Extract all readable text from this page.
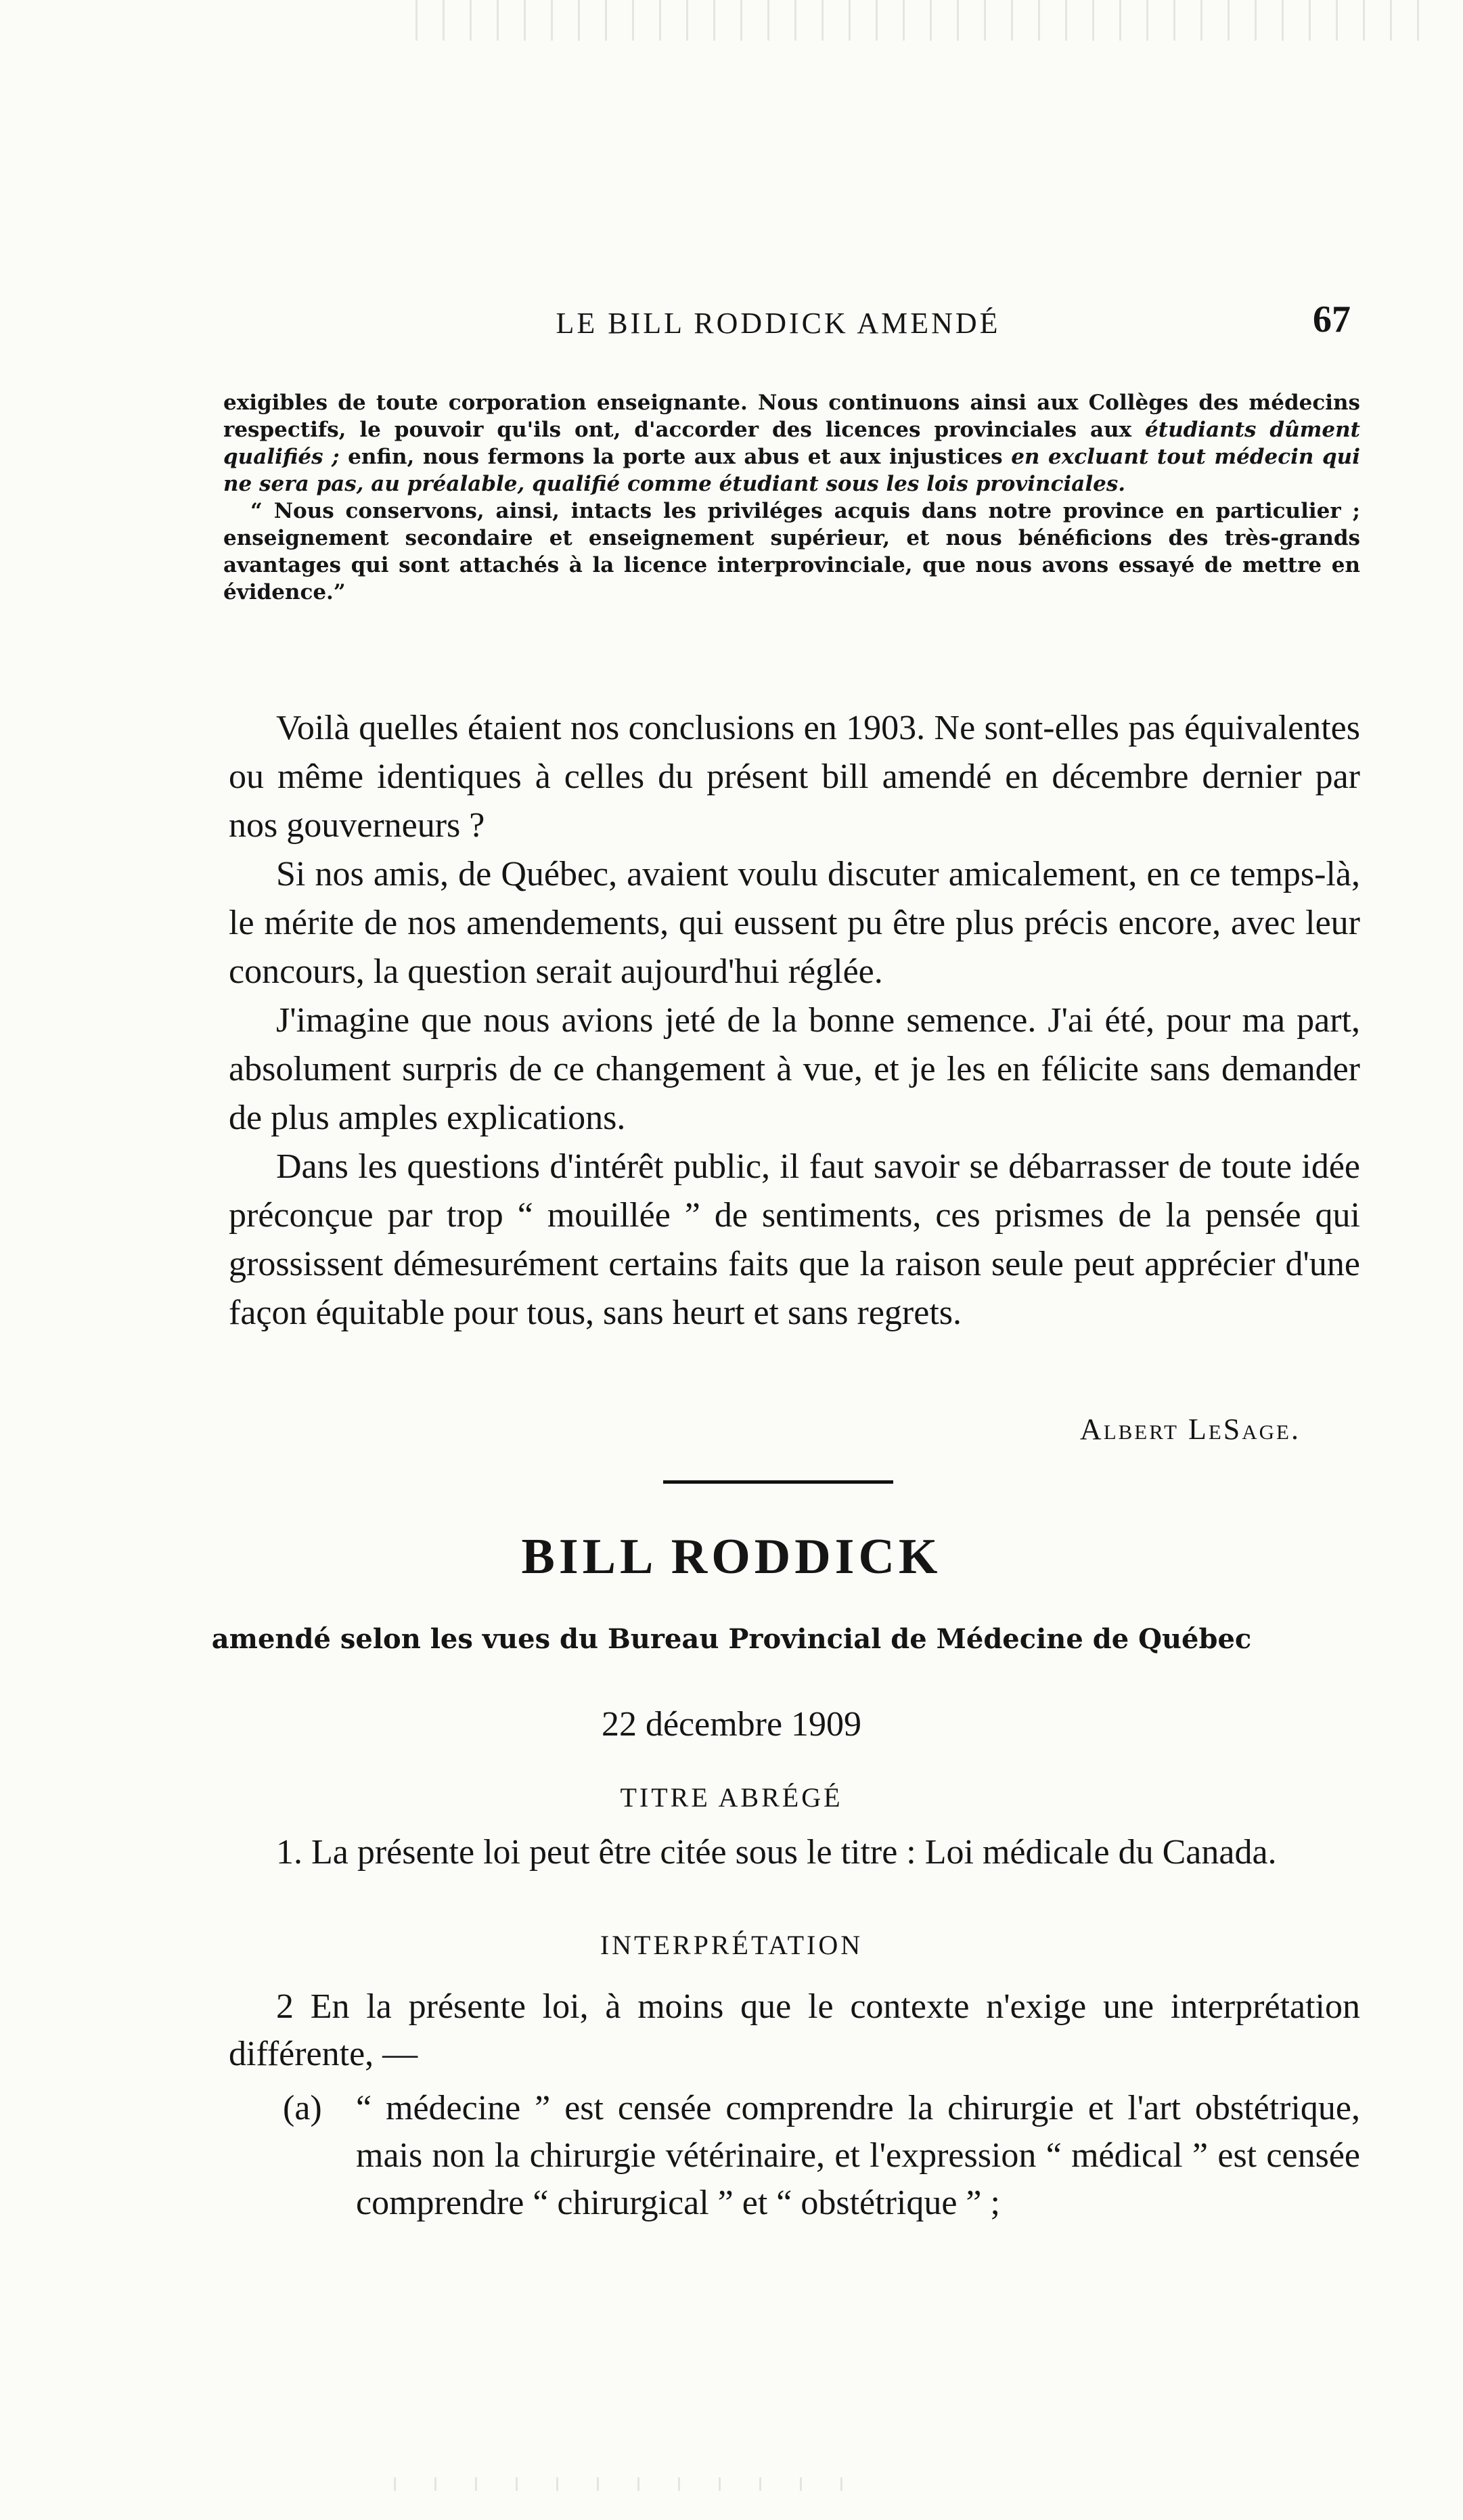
LE BILL RODDICK AMENDÉ	67

exigibles de toute corporation enseignante. Nous continuons ainsi aux Collèges des médecins respectifs, le pouvoir qu'ils ont, d'accorder des licences provinciales aux étudiants dûment qualifiés ; enfin, nous fermons la porte aux abus et aux injustices en excluant tout médecin qui ne sera pas, au préalable, qualifié comme étudiant sous les lois provinciales.

“ Nous conservons, ainsi, intacts les priviléges acquis dans notre province en particulier ; enseignement secondaire et enseignement supérieur, et nous bénéficions des très-grands avantages qui sont attachés à la licence interprovinciale, que nous avons essayé de mettre en évidence.”

Voilà quelles étaient nos conclusions en 1903. Ne sont-elles pas équivalentes ou même identiques à celles du présent bill amendé en décembre dernier par nos gouverneurs ?

Si nos amis, de Québec, avaient voulu discuter amicalement, en ce temps-là, le mérite de nos amendements, qui eussent pu être plus précis encore, avec leur concours, la question serait aujourd'hui réglée.

J'imagine que nous avions jeté de la bonne semence. J'ai été, pour ma part, absolument surpris de ce changement à vue, et je les en félicite sans demander de plus amples explications.

Dans les questions d'intérêt public, il faut savoir se débarrasser de toute idée préconçue par trop “ mouillée ” de sentiments, ces prismes de la pensée qui grossissent démesurément certains faits que la raison seule peut apprécier d'une façon équitable pour tous, sans heurt et sans regrets.

Albert LeSage.
BILL RODDICK
amendé selon les vues du Bureau Provincial de Médecine de Québec
22 décembre 1909
TITRE ABRÉGÉ

1. La présente loi peut être citée sous le titre : Loi médicale du Canada.

INTERPRÉTATION

2 En la présente loi, à moins que le contexte n'exige une interprétation différente, —

(a) “ médecine ” est censée comprendre la chirurgie et l'art obstétrique, mais non la chirurgie vétérinaire, et l'expression “ médical ” est censée comprendre “ chirurgical ” et “ obstétrique ” ;
